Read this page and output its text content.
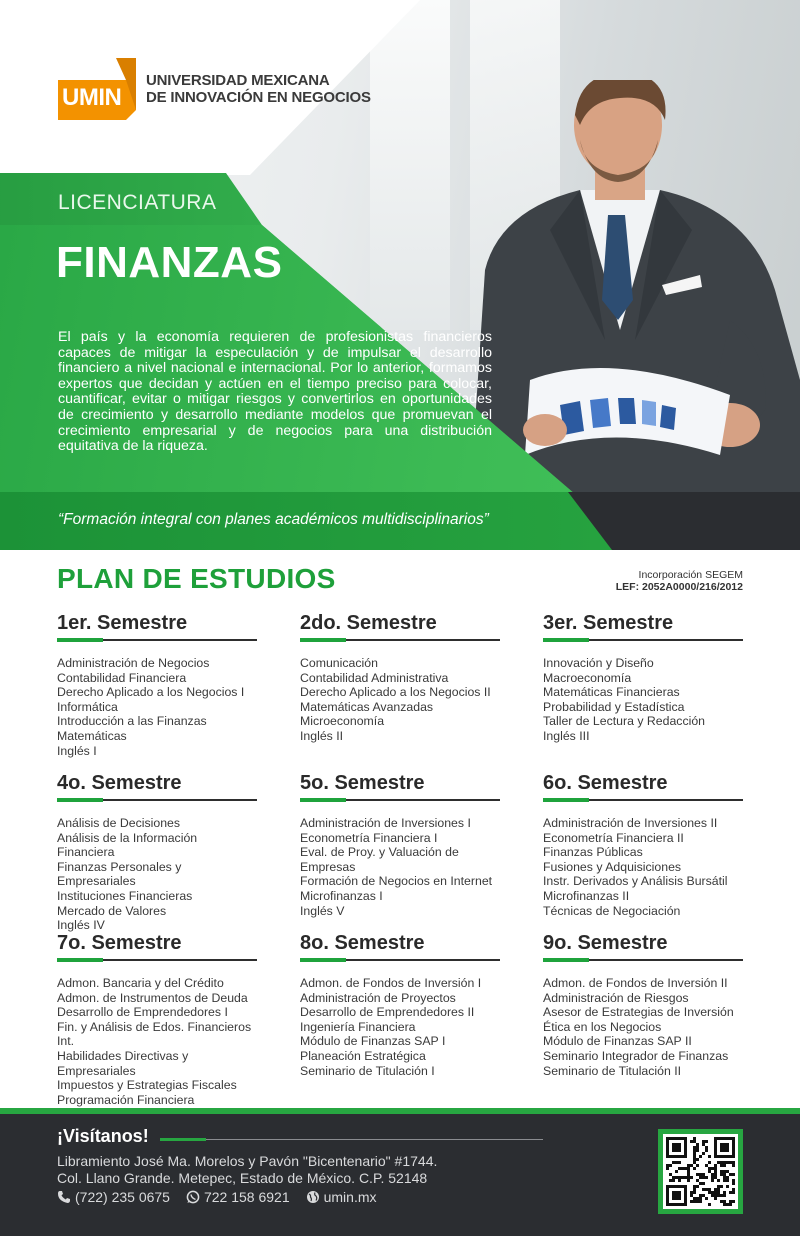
UMIN
UNIVERSIDAD MEXICANA
DE INNOVACIÓN EN NEGOCIOS
LICENCIATURA
FINANZAS

El país y la economía requieren de profesionistas financieros capaces de mitigar la especulación y de impulsar el desarrollo financiero a nivel nacional e internacional. Por lo anterior, formamos expertos que decidan y actúen en el tiempo preciso para colocar, cuantificar, evitar o mitigar riesgos y convertirlos en oportunidades de crecimiento y desarrollo mediante modelos que promuevan el crecimiento empresarial y de negocios para una distribución equitativa de la riqueza.

“Formación integral con planes académicos multidisciplinarios”
PLAN DE ESTUDIOS	Incorporación SEGEM
LEF: 2052A0000/216/2012
1er. Semestre
Administración de Negocios
Contabilidad Financiera
Derecho Aplicado a los Negocios I
Informática
Introducción a las Finanzas
Matemáticas
Inglés I
2do. Semestre
Comunicación
Contabilidad Administrativa
Derecho Aplicado a los Negocios II
Matemáticas Avanzadas
Microeconomía
Inglés II
3er. Semestre
Innovación y Diseño
Macroeconomía
Matemáticas Financieras
Probabilidad y Estadística
Taller de Lectura y Redacción
Inglés III
4o. Semestre
Análisis de Decisiones
Análisis de la Información Financiera
Finanzas Personales y Empresariales
Instituciones Financieras
Mercado de Valores
Inglés IV
5o. Semestre
Administración de Inversiones I
Econometría Financiera I
Eval. de Proy. y Valuación de Empresas
Formación de Negocios en Internet
Microfinanzas I
Inglés V
6o. Semestre
Administración de Inversiones II
Econometría Financiera II
Finanzas Públicas
Fusiones y Adquisiciones
Instr. Derivados y Análisis Bursátil
Microfinanzas II
Técnicas de Negociación
7o. Semestre
Admon. Bancaria y del Crédito
Admon. de Instrumentos de Deuda
Desarrollo de Emprendedores I
Fin. y Análisis de Edos. Financieros Int.
Habilidades Directivas y Empresariales
Impuestos y Estrategias Fiscales
Programación Financiera
8o. Semestre
Admon. de Fondos de Inversión I
Administración de Proyectos
Desarrollo de Emprendedores II
Ingeniería Financiera
Módulo de Finanzas SAP I
Planeación Estratégica
Seminario de Titulación I
9o. Semestre
Admon. de Fondos de Inversión II
Administración de Riesgos
Asesor de Estrategias de Inversión
Ética en los Negocios
Módulo de Finanzas SAP II
Seminario Integrador de Finanzas
Seminario de Titulación II
¡Visítanos!
Libramiento José Ma. Morelos y Pavón "Bicentenario" #1744.
Col. Llano Grande. Metepec, Estado de México. C.P. 52148
(722) 235 0675 722 158 6921 umin.mx
